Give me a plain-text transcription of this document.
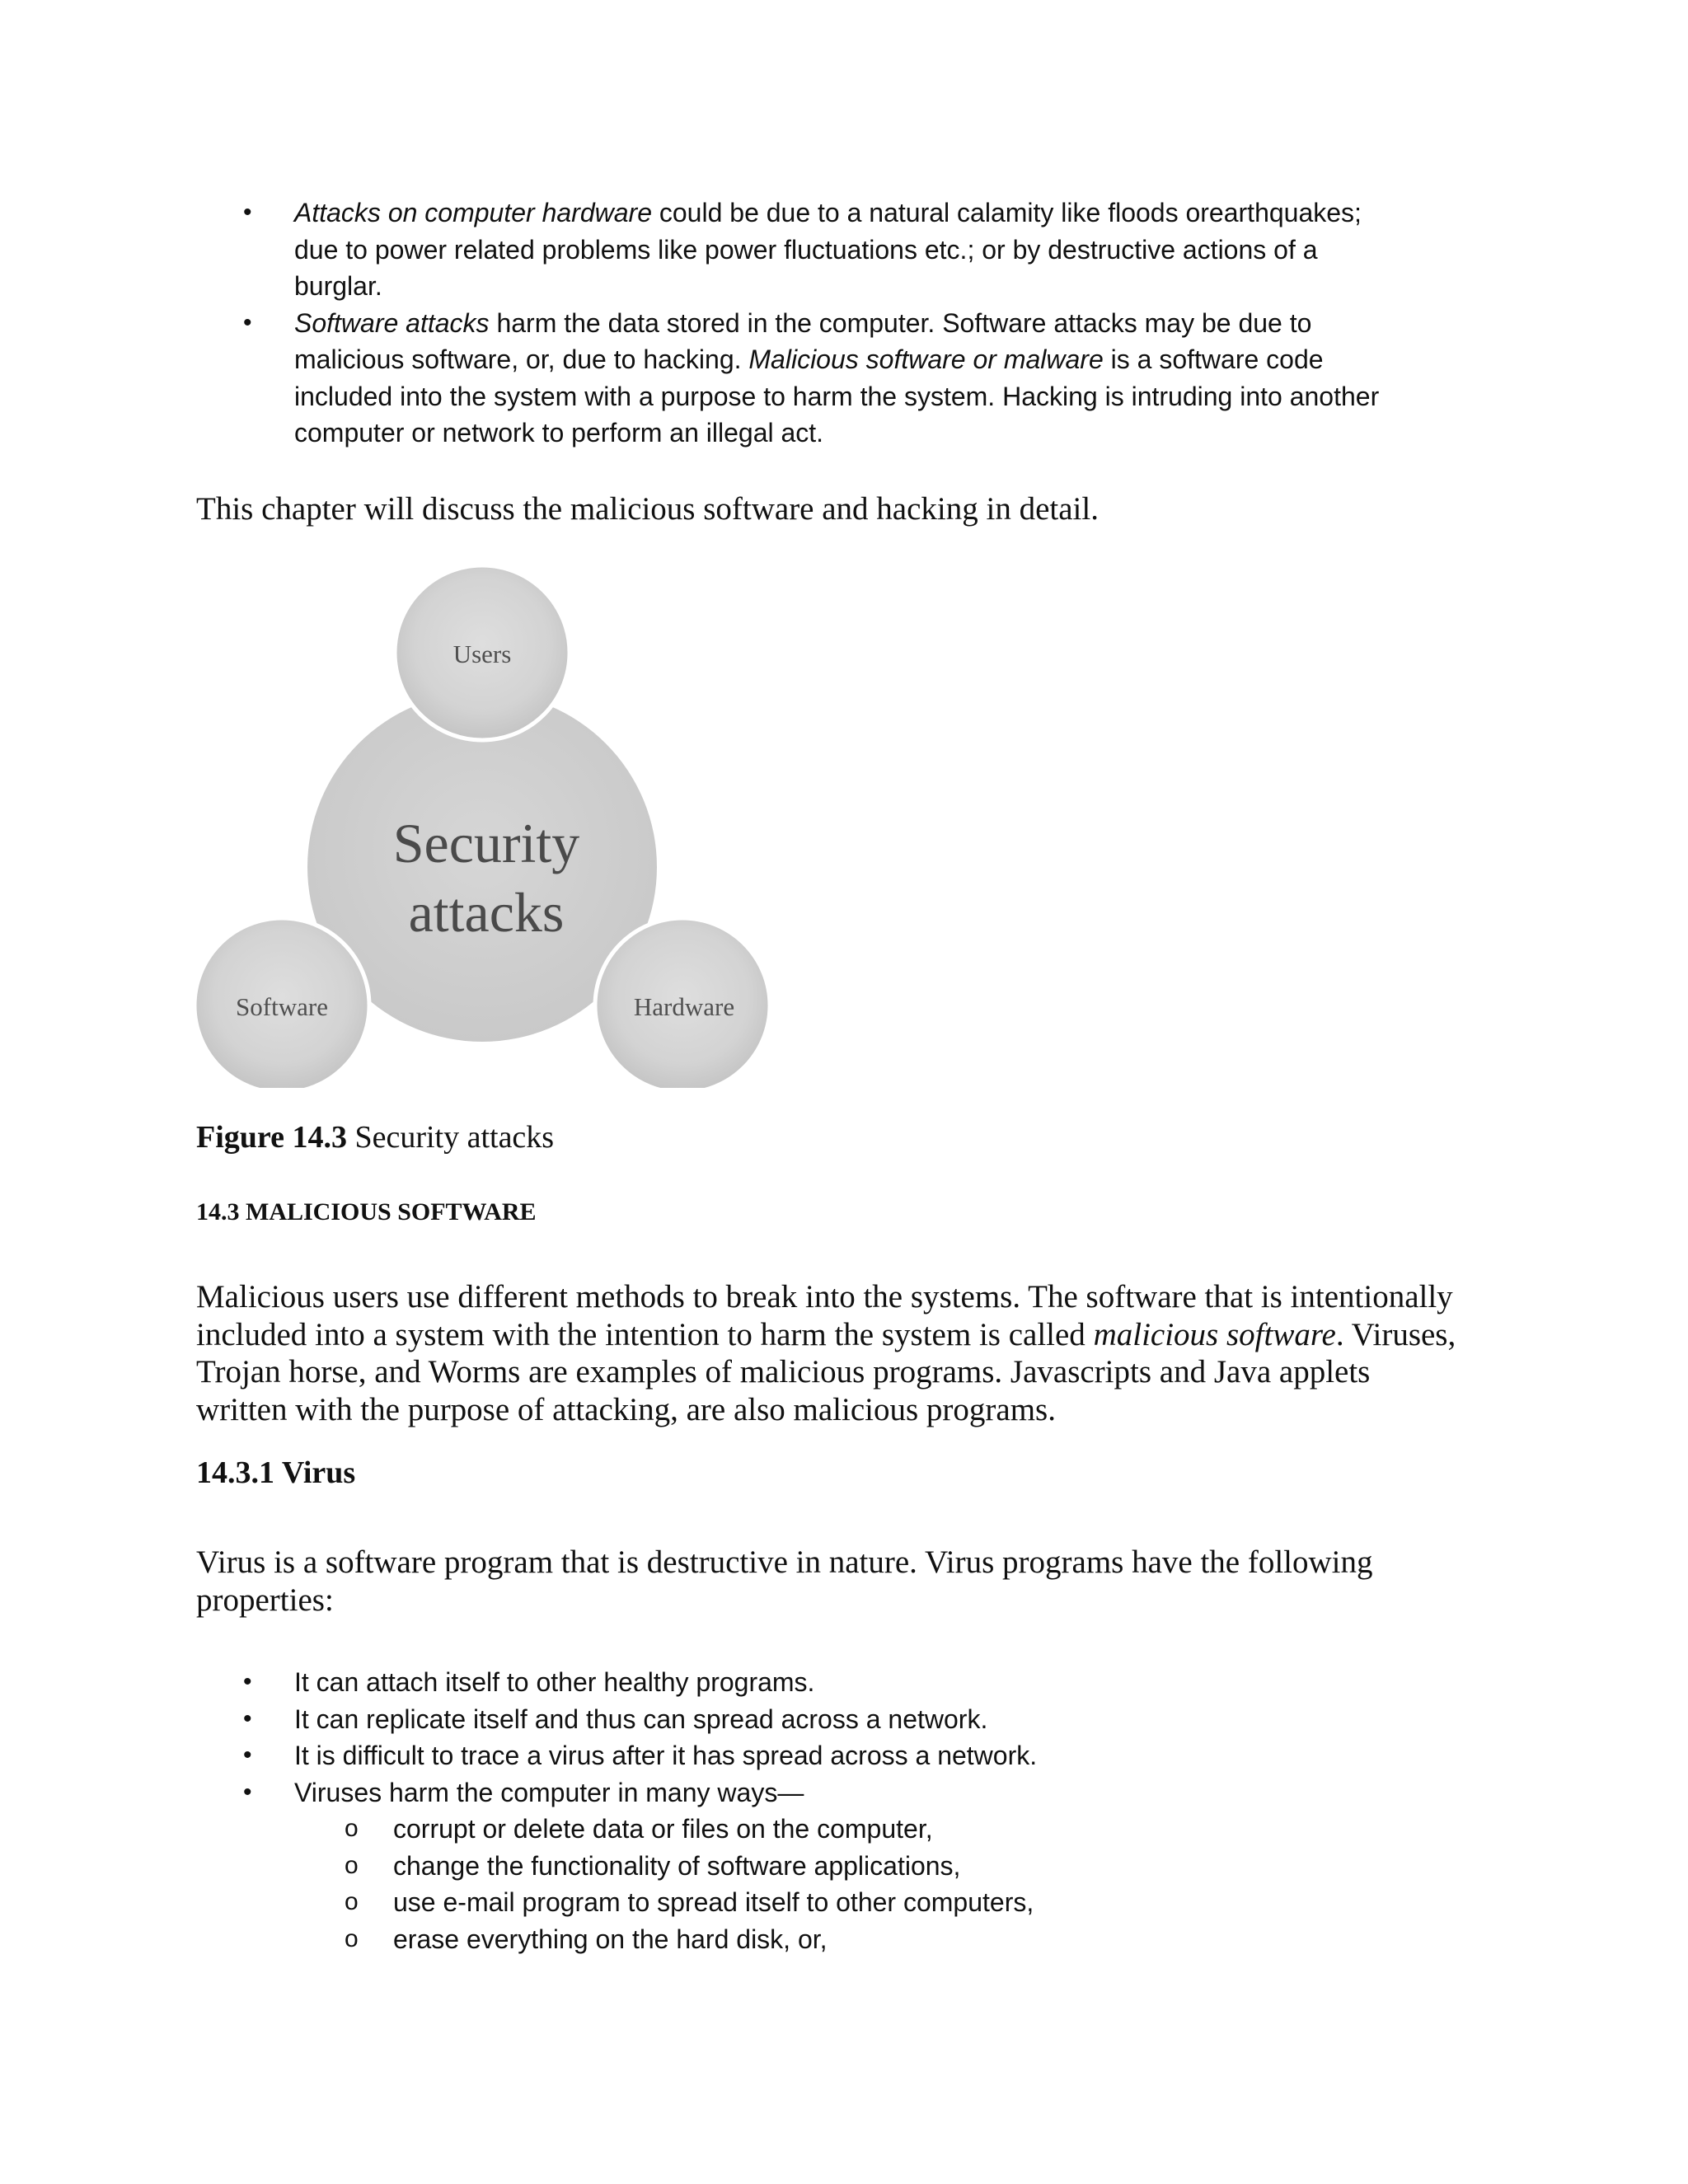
• Attacks on computer hardware could be due to a natural calamity like floods orearthquakes;
due to power related problems like power fluctuations etc.; or by destructive actions of a
burglar.
• Software attacks harm the data stored in the computer. Software attacks may be due to
malicious software, or, due to hacking. Malicious software or malware is a software code
included into the system with a purpose to harm the system. Hacking is intruding into another
computer or network to perform an illegal act.

This chapter will discuss the malicious software and hacking in detail.

Security
attacks
Users
Software	Hardware

Figure 14.3 Security attacks

14.3 MALICIOUS SOFTWARE

Malicious users use different methods to break into the systems. The software that is intentionally included into a system with the intention to harm the system is called malicious software. Viruses, Trojan horse, and Worms are examples of malicious programs. Javascripts and Java applets written with the purpose of attacking, are also malicious programs.

14.3.1 Virus

Virus is a software program that is destructive in nature. Virus programs have the following properties:

• It can attach itself to other healthy programs.
• It can replicate itself and thus can spread across a network.
• It is difficult to trace a virus after it has spread across a network.
• Viruses harm the computer in many ways—
o corrupt or delete data or files on the computer,
o change the functionality of software applications,
o use e-mail program to spread itself to other computers,
o erase everything on the hard disk, or,
